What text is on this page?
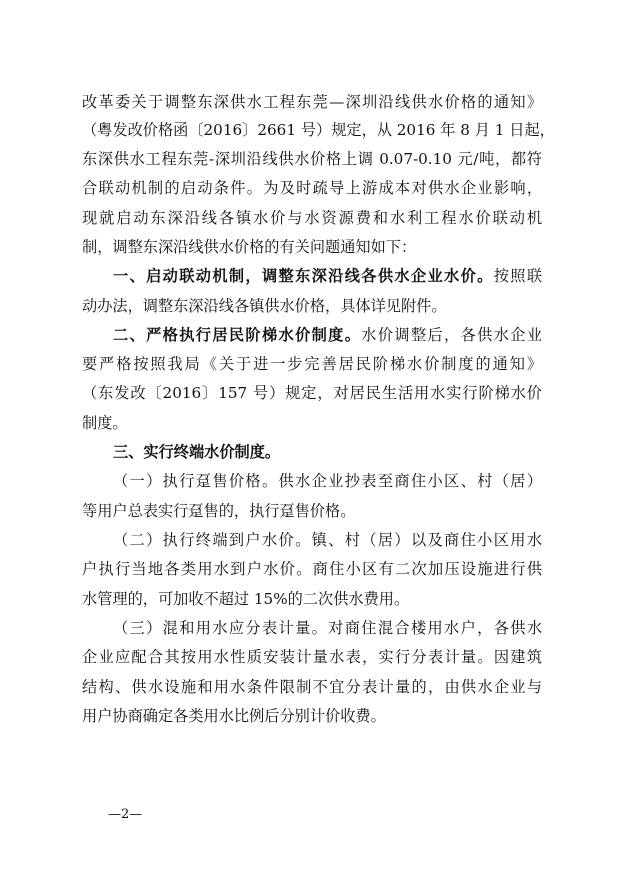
改革委关于调整东深供水工程东莞—深圳沿线供水价格的通知》
（粤发改价格函〔2016〕2661 号）规定，从 2016 年 8 月 1 日起，
东深供水工程东莞-深圳沿线供水价格上调 0.07-0.10 元/吨，都符
合联动机制的启动条件。为及时疏导上游成本对供水企业影响，
现就启动东深沿线各镇水价与水资源费和水利工程水价联动机
制，调整东深沿线供水价格的有关问题通知如下：
一、启动联动机制，调整东深沿线各供水企业水价。按照联
动办法，调整东深沿线各镇供水价格，具体详见附件。
二、严格执行居民阶梯水价制度。水价调整后，各供水企业
要严格按照我局《关于进一步完善居民阶梯水价制度的通知》
（东发改〔2016〕157 号）规定，对居民生活用水实行阶梯水价
制度。
三、实行终端水价制度。
（一）执行趸售价格。供水企业抄表至商住小区、村（居）
等用户总表实行趸售的，执行趸售价格。
（二）执行终端到户水价。镇、村（居）以及商住小区用水
户执行当地各类用水到户水价。商住小区有二次加压设施进行供
水管理的，可加收不超过 15%的二次供水费用。
（三）混和用水应分表计量。对商住混合楼用水户，各供水
企业应配合其按用水性质安装计量水表，实行分表计量。因建筑
结构、供水设施和用水条件限制不宜分表计量的，由供水企业与
用户协商确定各类用水比例后分别计价收费。
—2—
